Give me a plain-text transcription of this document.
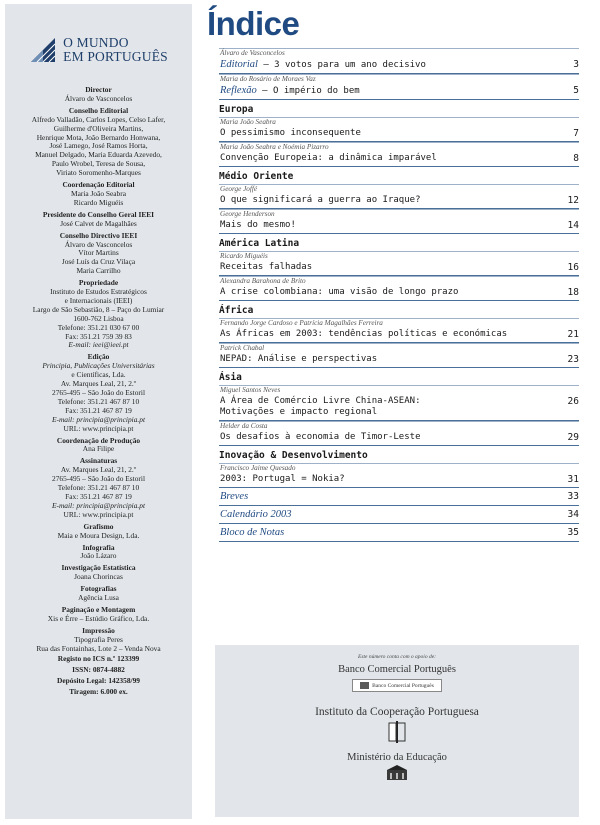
O MUNDO
EM PORTUGUÊS
Director
Álvaro de Vasconcelos
Conselho Editorial
Alfredo Valladão, Carlos Lopes, Celso Lafer,
Guilherme d'Oliveira Martins,
Henrique Mota, João Bernardo Honwana,
José Lamego, José Ramos Horta,
Manuel Delgado, Maria Eduarda Azevedo,
Paulo Wrobel, Teresa de Sousa,
Viriato Soromenho-Marques
Coordenação Editorial
Maria João Seabra
Ricardo Miguéis
Presidente do Conselho Geral IEEI
José Calvet de Magalhães
Conselho Directivo IEEI
Álvaro de Vasconcelos
Vítor Martins
José Luís da Cruz Vilaça
Maria Carrilho
Propriedade
Instituto de Estudos Estratégicos
e Internacionais (IEEI)
Largo de São Sebastião, 8 – Paço do Lumiar
1600-762 Lisboa
Telefone: 351.21 030 67 00
Fax: 351.21 759 39 83
E-mail: ieei@ieei.pt
Edição
Principia, Publicações Universitárias
e Científicas, Lda.
Av. Marques Leal, 21, 2.º
2765-495 – São João do Estoril
Telefone: 351.21 467 87 10
Fax: 351.21 467 87 19
E-mail: principia@principia.pt
URL: www.principia.pt
Coordenação de Produção
Ana Filipe
Assinaturas
Av. Marques Leal, 21, 2.º
2765-495 – São João do Estoril
Telefone: 351.21 467 87 10
Fax: 351.21 467 87 19
E-mail: principia@principia.pt
URL: www.principia.pt
Grafismo
Maia e Moura Design, Lda.
Infografia
João Lázaro
Investigação Estatística
Joana Chorincas
Fotografias
Agência Lusa
Paginação e Montagem
Xis e Érre – Estúdio Gráfico, Lda.
Impressão
Tipografia Peres
Rua das Fontainhas, Lote 2 – Venda Nova
Registo no ICS n.º 123399
ISSN: 0874-4882
Depósito Legal: 142358/99
Tiragem: 6.000 ex.
Índice
Álvaro de Vasconcelos
Editorial – 3 votos para um ano decisivo	3
Maria do Rosário de Moraes Vaz
Reflexão – O império do bem	5
Europa
Maria João Seabra
O pessimismo inconsequente	7
Maria João Seabra e Noémia Pizarro
Convenção Europeia: a dinâmica imparável	8
Médio Oriente
George Joffé
O que significará a guerra ao Iraque?	12
George Henderson
Mais do mesmo!	14
América Latina
Ricardo Miguéis
Receitas falhadas	16
Alexandra Barahona de Brito
A crise colombiana: uma visão de longo prazo	18
África
Fernando Jorge Cardoso e Patrícia Magalhães Ferreira
As Áfricas em 2003: tendências políticas e económicas	21
Patrick Chabal
NEPAD: Análise e perspectivas	23
Ásia
Miguel Santos Neves
A Área de Comércio Livre China-ASEAN:
Motivações e impacto regional
26
Helder da Costa
Os desafios à economia de Timor-Leste	29
Inovação & Desenvolvimento
Francisco Jaime Quesado
2003: Portugal = Nokia?	31
Breves	33
Calendário 2003	34
Bloco de Notas	35
Este número conta com o apoio de:
Banco Comercial Português
Banco Comercial Português
Instituto da Cooperação Portuguesa
Ministério da Educação
